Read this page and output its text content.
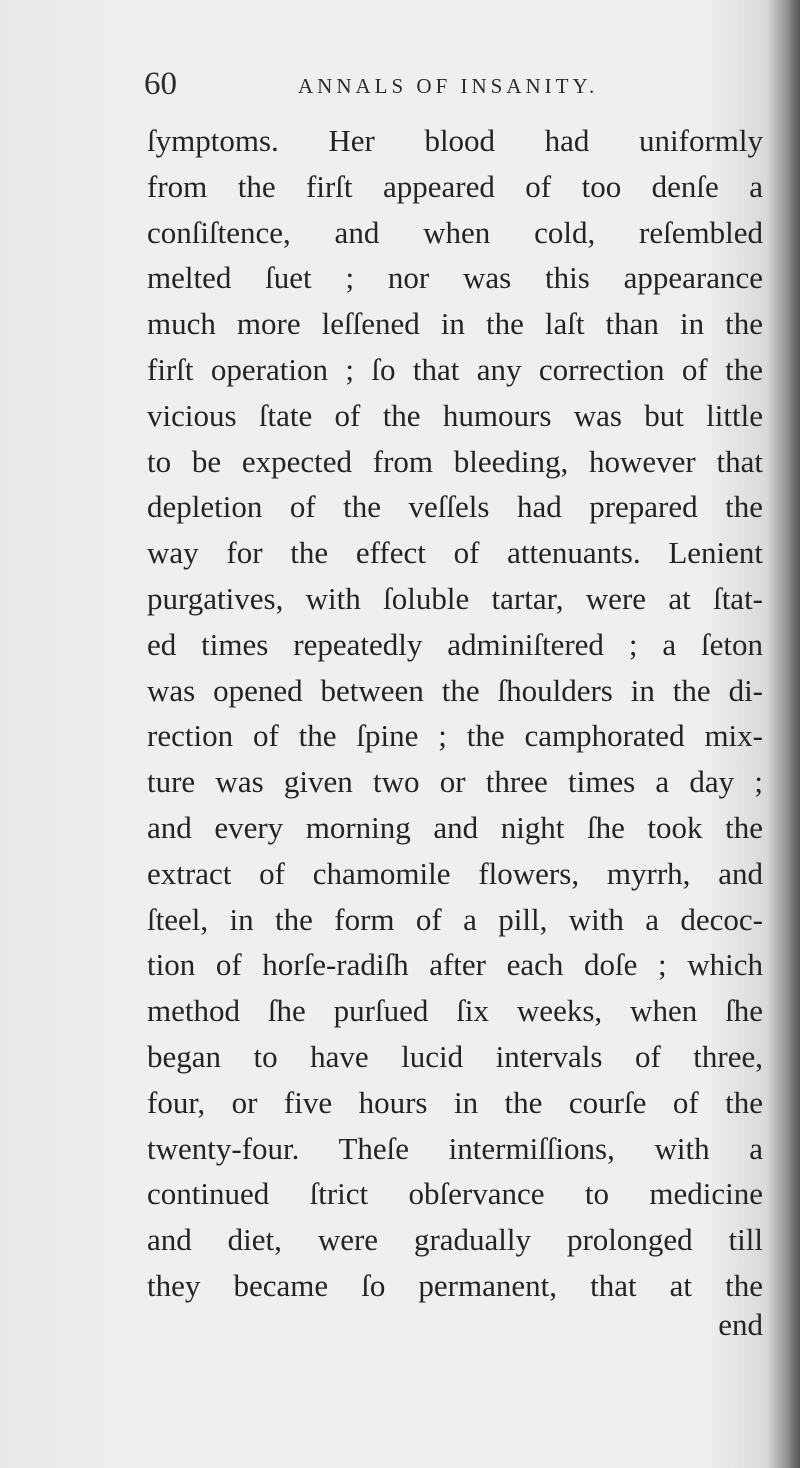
60	ANNALS OF INSANITY.
ſymptoms. Her blood had uniformly
from the firſt appeared of too denſe a
conſiſtence, and when cold, reſembled
melted ſuet ; nor was this appearance
much more leſſened in the laſt than in the
firſt operation ; ſo that any correction of the
vicious ſtate of the humours was but little
to be expected from bleeding, however that
depletion of the veſſels had prepared the
way for the effect of attenuants. Lenient
purgatives, with ſoluble tartar, were at ſtat-
ed times repeatedly adminiſtered ; a ſeton
was opened between the ſhoulders in the di-
rection of the ſpine ; the camphorated mix-
ture was given two or three times a day ;
and every morning and night ſhe took the
extract of chamomile flowers, myrrh, and
ſteel, in the form of a pill, with a decoc-
tion of horſe-radiſh after each doſe ; which
method ſhe purſued ſix weeks, when ſhe
began to have lucid intervals of three,
four, or five hours in the courſe of the
twenty-four. Theſe intermiſſions, with a
continued ſtrict obſervance to medicine
and diet, were gradually prolonged till
they became ſo permanent, that at the
end
